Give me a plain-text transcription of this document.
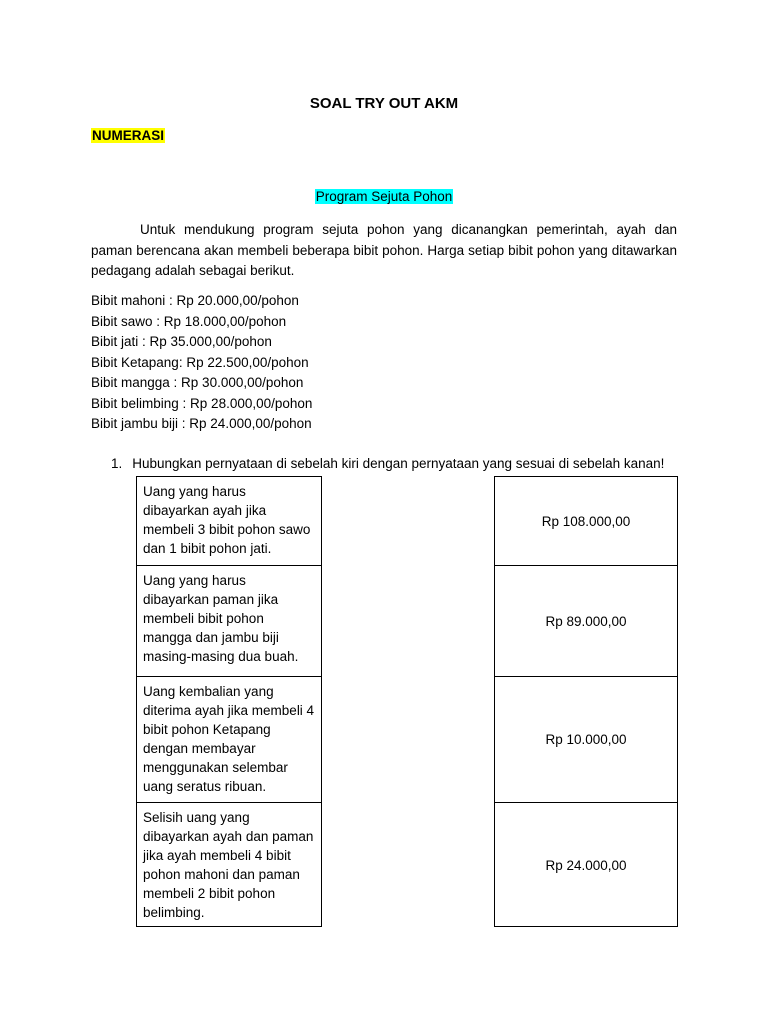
SOAL TRY OUT AKM
NUMERASI
Program Sejuta Pohon

Untuk mendukung program sejuta pohon yang dicanangkan pemerintah, ayah dan paman berencana akan membeli beberapa bibit pohon. Harga setiap bibit pohon yang ditawarkan pedagang adalah sebagai berikut.

Bibit mahoni : Rp 20.000,00/pohon
Bibit sawo : Rp 18.000,00/pohon
Bibit jati : Rp 35.000,00/pohon
Bibit Ketapang: Rp 22.500,00/pohon
Bibit mangga : Rp 30.000,00/pohon
Bibit belimbing : Rp 28.000,00/pohon
Bibit jambu biji : Rp 24.000,00/pohon
1. Hubungkan pernyataan di sebelah kiri dengan pernyataan yang sesuai di sebelah kanan!
Uang yang harus dibayarkan ayah jika membeli 3 bibit pohon sawo dan 1 bibit pohon jati.
Uang yang harus dibayarkan paman jika membeli bibit pohon mangga dan jambu biji masing-masing dua buah.
Uang kembalian yang diterima ayah jika membeli 4 bibit pohon Ketapang dengan membayar menggunakan selembar uang seratus ribuan.
Selisih uang yang dibayarkan ayah dan paman jika ayah membeli 4 bibit pohon mahoni dan paman membeli 2 bibit pohon belimbing.
Rp 108.000,00
Rp 89.000,00
Rp 10.000,00
Rp 24.000,00
